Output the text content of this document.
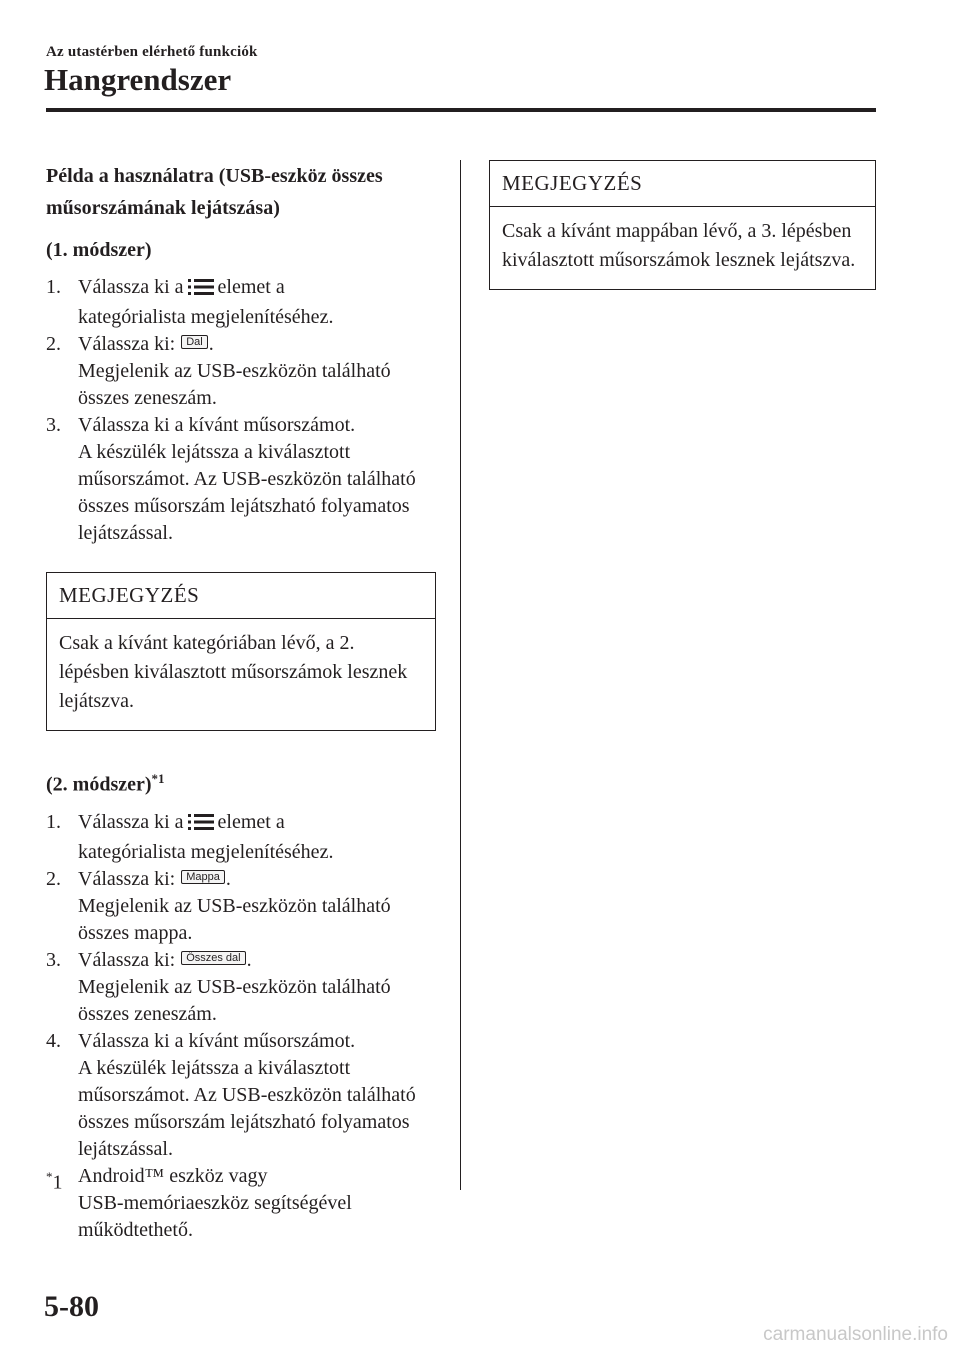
Az utastérben elérhető funkciók
Hangrendszer

Példa a használatra (USB-eszköz összes műsorszámának lejátszása)

(1. módszer)

1. Válassza ki a elemet a
kategórialista megjelenítéséhez.
2. Válassza ki: Dal .
Megjelenik az USB-eszközön található összes zeneszám.
3. Válassza ki a kívánt műsorszámot.
A készülék lejátssza a kiválasztott műsorszámot. Az USB-eszközön található összes műsorszám lejátszható folyamatos lejátszással.
MEGJEGYZÉS
Csak a kívánt kategóriában lévő, a 2. lépésben kiválasztott műsorszámok lesznek lejátszva.

(2. módszer)$^{*1}$

1. Válassza ki a elemet a
kategórialista megjelenítéséhez.
2. Válassza ki: Mappa .
Megjelenik az USB-eszközön található összes mappa.
3. Válassza ki: Összes dal .
Megjelenik az USB-eszközön található összes zeneszám.
4. Válassza ki a kívánt műsorszámot.
A készülék lejátssza a kiválasztott műsorszámot. Az USB-eszközön található összes műsorszám lejátszható folyamatos lejátszással.
*1 Android™ eszköz vagy
USB-memóriaeszköz segítségével működtethető.
MEGJEGYZÉS
Csak a kívánt mappában lévő, a 3. lépésben kiválasztott műsorszámok lesznek lejátszva.
5-80
carmanualsonline.info
